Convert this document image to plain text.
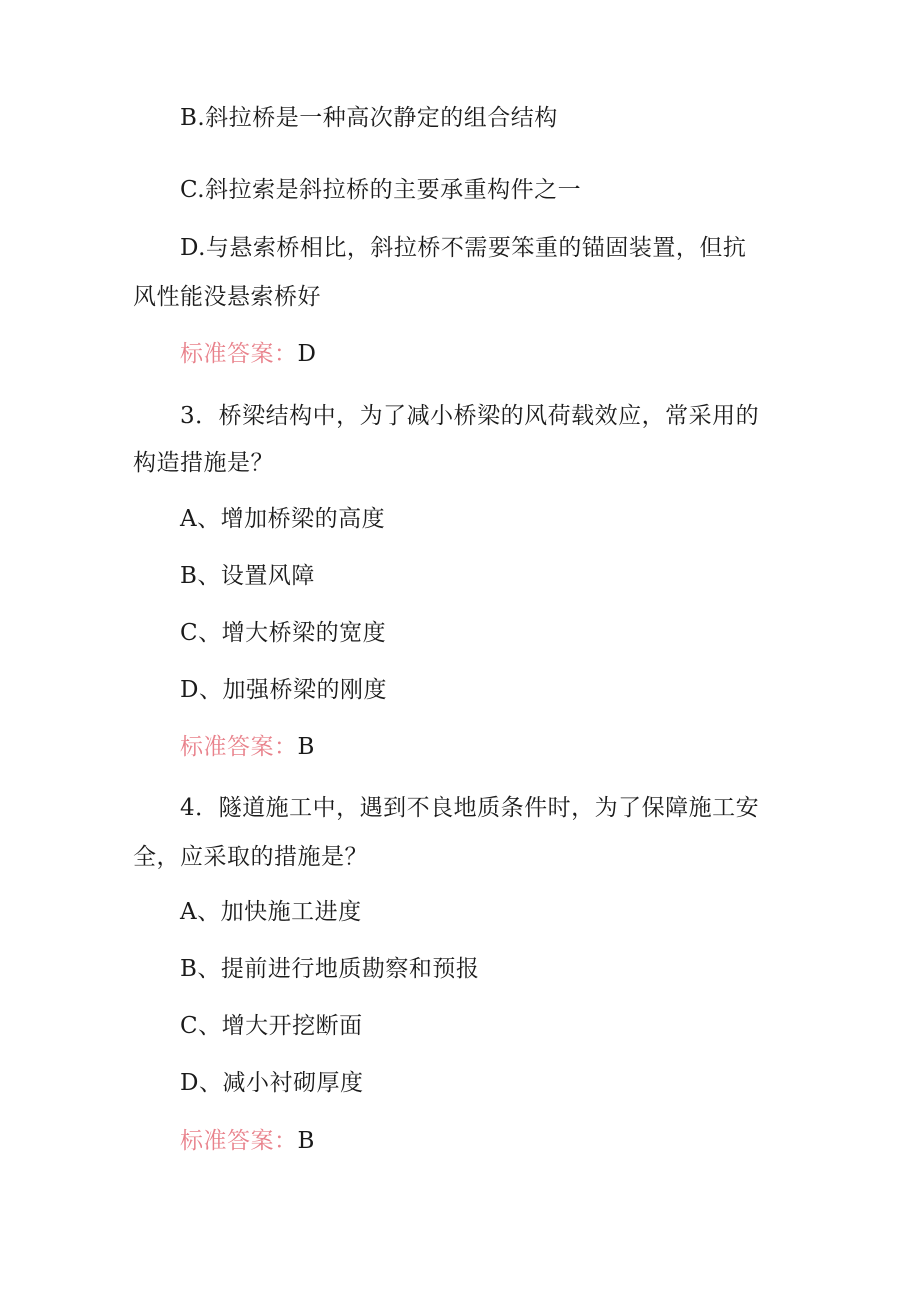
B.斜拉桥是一种高次静定的组合结构
C.斜拉索是斜拉桥的主要承重构件之一
D.与悬索桥相比，斜拉桥不需要笨重的锚固装置，但抗
风性能没悬索桥好
标准答案：D
3．桥梁结构中，为了减小桥梁的风荷载效应，常采用的
构造措施是？
A、增加桥梁的高度
B、设置风障
C、增大桥梁的宽度
D、加强桥梁的刚度
标准答案：B
4．隧道施工中，遇到不良地质条件时，为了保障施工安
全，应采取的措施是？
A、加快施工进度
B、提前进行地质勘察和预报
C、增大开挖断面
D、减小衬砌厚度
标准答案：B
